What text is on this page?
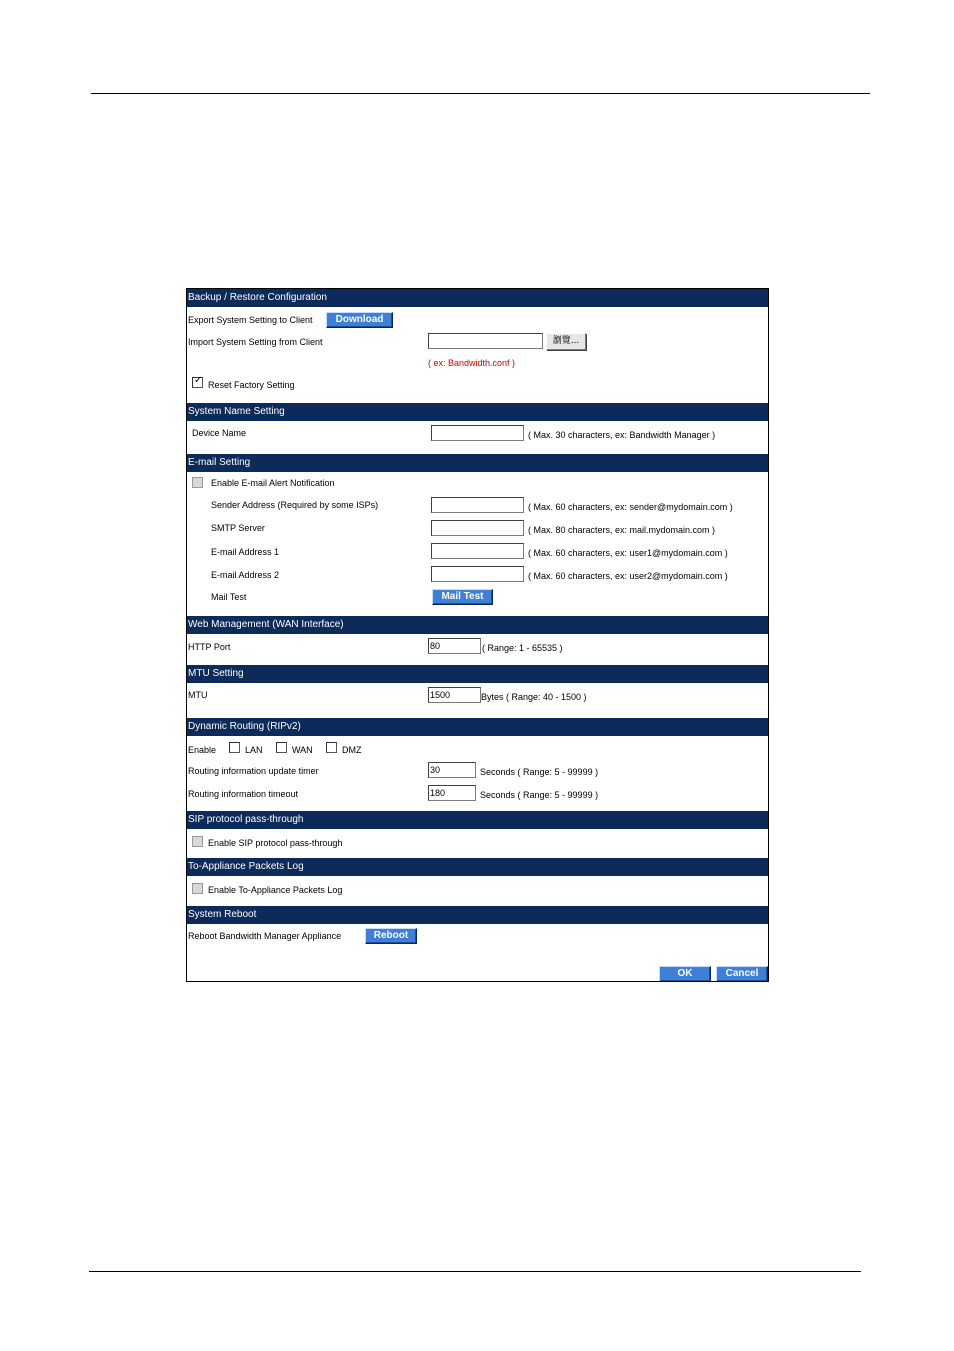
Backup / Restore Configuration
Export System Setting to Client	Download
Import System Setting from Client	瀏覽...
( ex: Bandwidth.conf )
✓ Reset Factory Setting
System Name Setting
Device Name	( Max. 30 characters, ex: Bandwidth Manager )
E-mail Setting
Enable E-mail Alert Notification
Sender Address (Required by some ISPs)	( Max. 60 characters, ex: sender@mydomain.com )
SMTP Server	( Max. 80 characters, ex: mail.mydomain.com )
E-mail Address 1	( Max. 60 characters, ex: user1@mydomain.com )
E-mail Address 2	( Max. 60 characters, ex: user2@mydomain.com )
Mail Test	Mail Test
Web Management (WAN Interface)
HTTP Port	80	( Range: 1 - 65535 )
MTU Setting
MTU	1500	Bytes ( Range: 40 - 1500 )
Dynamic Routing (RIPv2)
Enable	LAN	WAN	DMZ
Routing information update timer	30	Seconds ( Range: 5 - 99999 )
Routing information timeout	180	Seconds ( Range: 5 - 99999 )
SIP protocol pass-through
Enable SIP protocol pass-through
To-Appliance Packets Log
Enable To-Appliance Packets Log
System Reboot
Reboot Bandwidth Manager Appliance	Reboot
OK	Cancel
